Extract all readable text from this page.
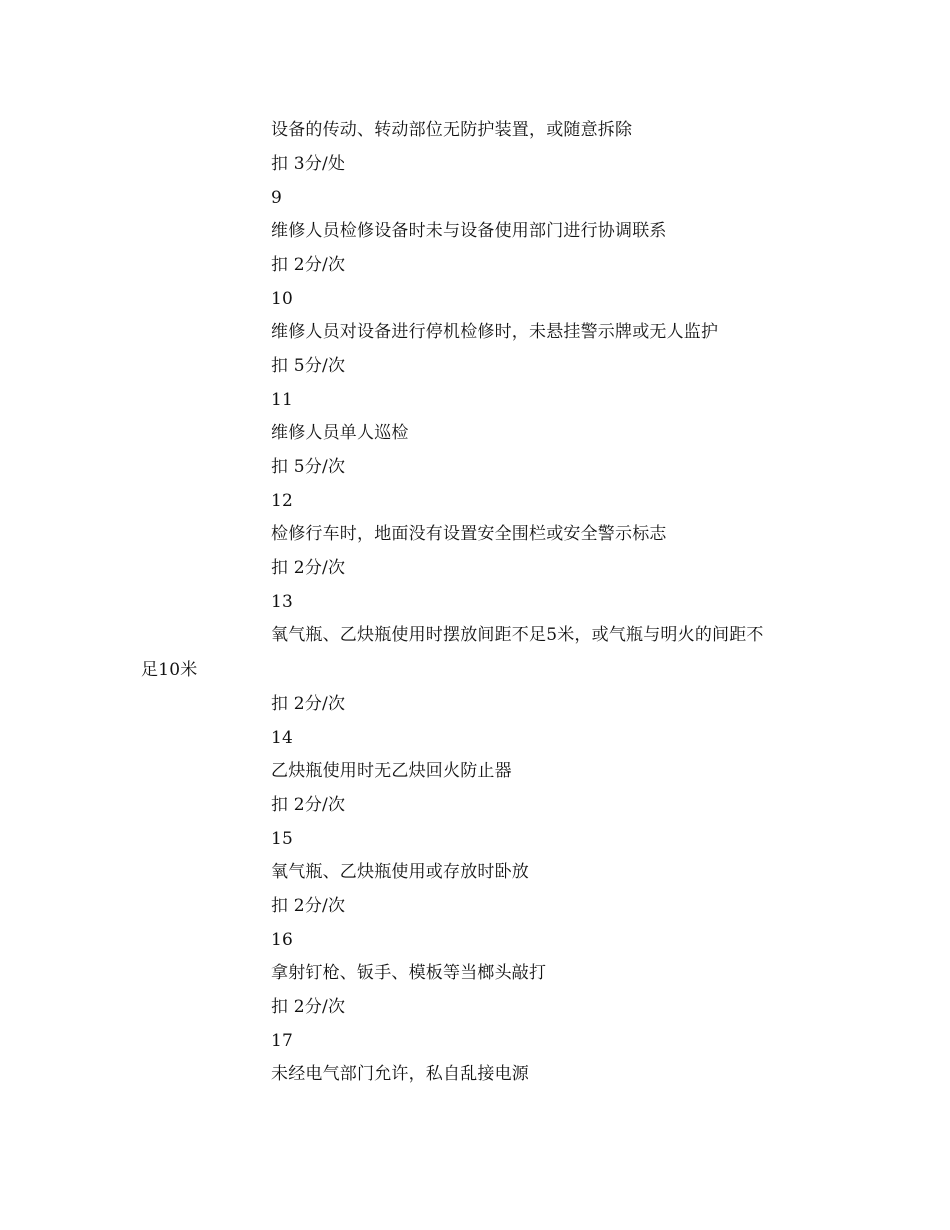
设备的传动、转动部位无防护装置，或随意拆除
扣 3分/处
9
维修人员检修设备时未与设备使用部门进行协调联系
扣 2分/次
10
维修人员对设备进行停机检修时，未悬挂警示牌或无人监护
扣 5分/次
11
维修人员单人巡检
扣 5分/次
12
检修行车时，地面没有设置安全围栏或安全警示标志
扣 2分/次
13
氧气瓶、乙炔瓶使用时摆放间距不足5米，或气瓶与明火的间距不
足10米
扣 2分/次
14
乙炔瓶使用时无乙炔回火防止器
扣 2分/次
15
氧气瓶、乙炔瓶使用或存放时卧放
扣 2分/次
16
拿射钉枪、钣手、模板等当榔头敲打
扣 2分/次
17
未经电气部门允许，私自乱接电源
